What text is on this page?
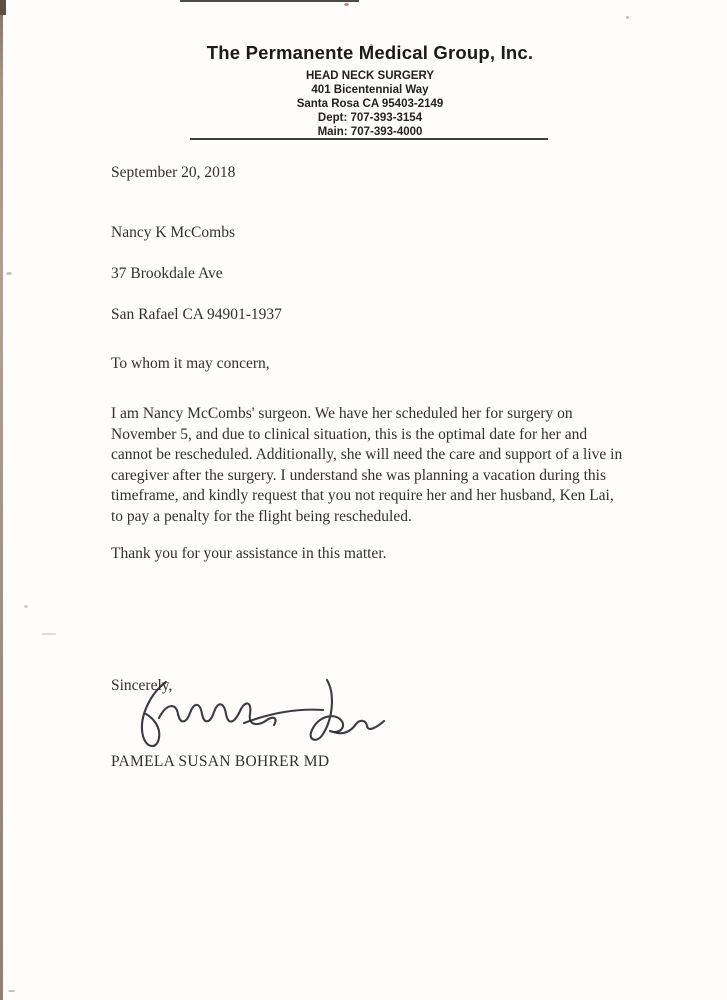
The Permanente Medical Group, Inc.
HEAD NECK SURGERY
401 Bicentennial Way
Santa Rosa CA 95403-2149
Dept: 707-393-3154
Main: 707-393-4000
September 20, 2018

Nancy K McCombs

37 Brookdale Ave

San Rafael CA 94901-1937

To whom it may concern,
I am Nancy McCombs' surgeon. We have her scheduled her for surgery on November 5, and due to clinical situation, this is the optimal date for her and cannot be rescheduled. Additionally, she will need the care and support of a live in caregiver after the surgery. I understand she was planning a vacation during this timeframe, and kindly request that you not require her and her husband, Ken Lai, to pay a penalty for the flight being rescheduled.
Thank you for your assistance in this matter.
Sincerely,
PAMELA SUSAN BOHRER MD
